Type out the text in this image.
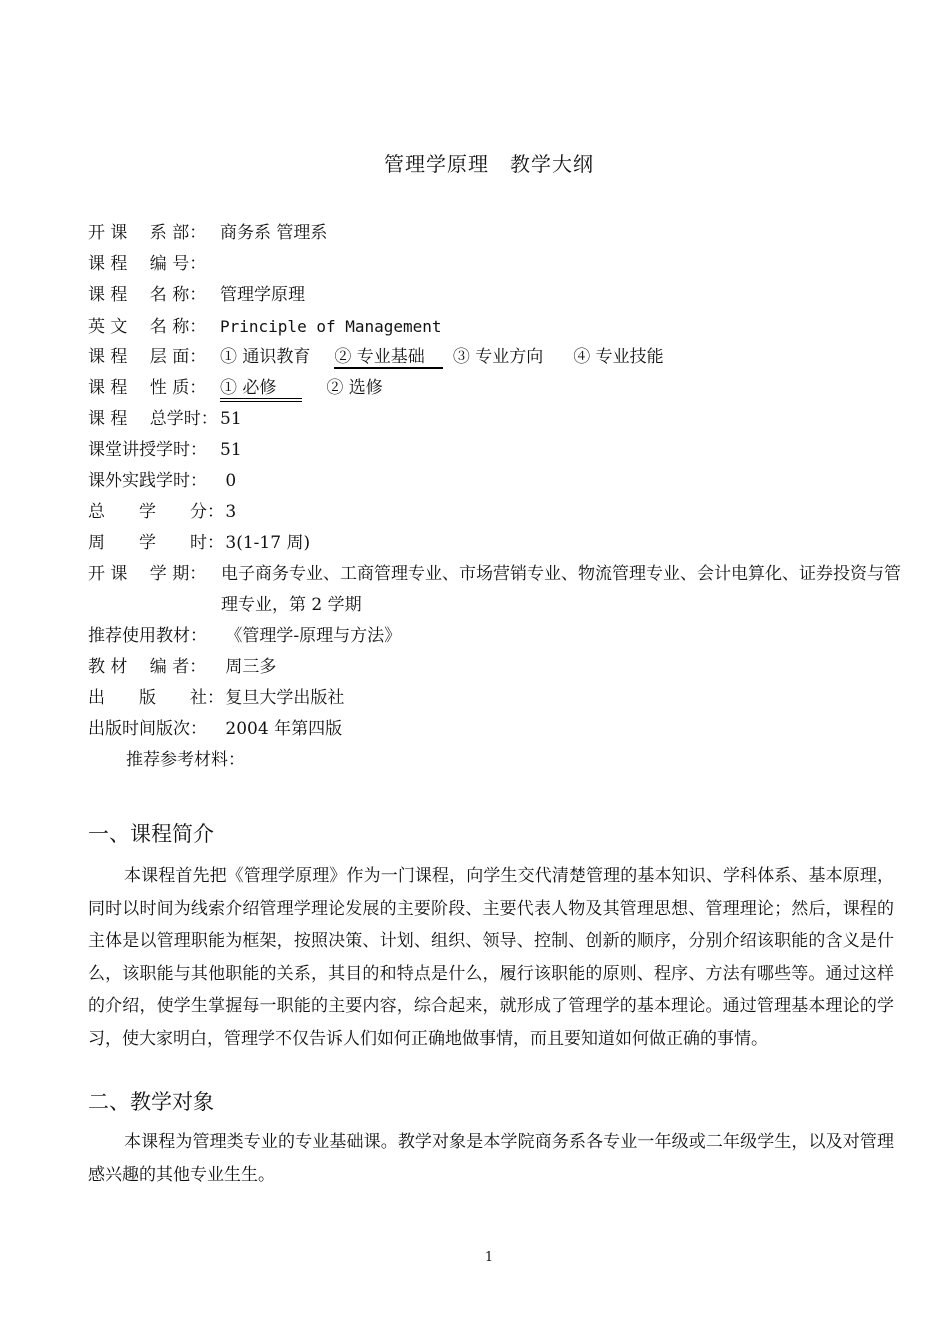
管理学原理　教学大纲
开 课　 系 部： 商务系 管理系
课 程　 编 号：
课 程　 名 称： 管理学原理
英 文　 名 称： Principle of Management
课 程　 层 面： ① 通识教育 ② 专业基础 ③ 专业方向 ④ 专业技能
课 程　 性 质： ① 必修	② 选修
课 程　 总学时： 51
课堂讲授学时： 51
课外实践学时： 0
总　　学　　分： 3
周　　学　　时： 3(1-17 周)
开 课　 学 期： 电子商务专业、工商管理专业、市场营销专业、物流管理专业、会计电算化、证券投资与管理专业，第 2 学期
推荐使用教材： 《管理学-原理与方法》
教 材　 编 者： 周三多
出　　版　　社： 复旦大学出版社
出版时间版次： 2004 年第四版
推荐参考材料：
一、课程简介
本课程首先把《管理学原理》作为一门课程，向学生交代清楚管理的基本知识、学科体系、基本原理，同时以时间为线索介绍管理学理论发展的主要阶段、主要代表人物及其管理思想、管理理论；然后，课程的主体是以管理职能为框架，按照决策、计划、组织、领导、控制、创新的顺序，分别介绍该职能的含义是什么，该职能与其他职能的关系，其目的和特点是什么，履行该职能的原则、程序、方法有哪些等。通过这样的介绍，使学生掌握每一职能的主要内容，综合起来，就形成了管理学的基本理论。通过管理基本理论的学习，使大家明白，管理学不仅告诉人们如何正确地做事情，而且要知道如何做正确的事情。
二、教学对象
本课程为管理类专业的专业基础课。教学对象是本学院商务系各专业一年级或二年级学生，以及对管理感兴趣的其他专业生生。
1
